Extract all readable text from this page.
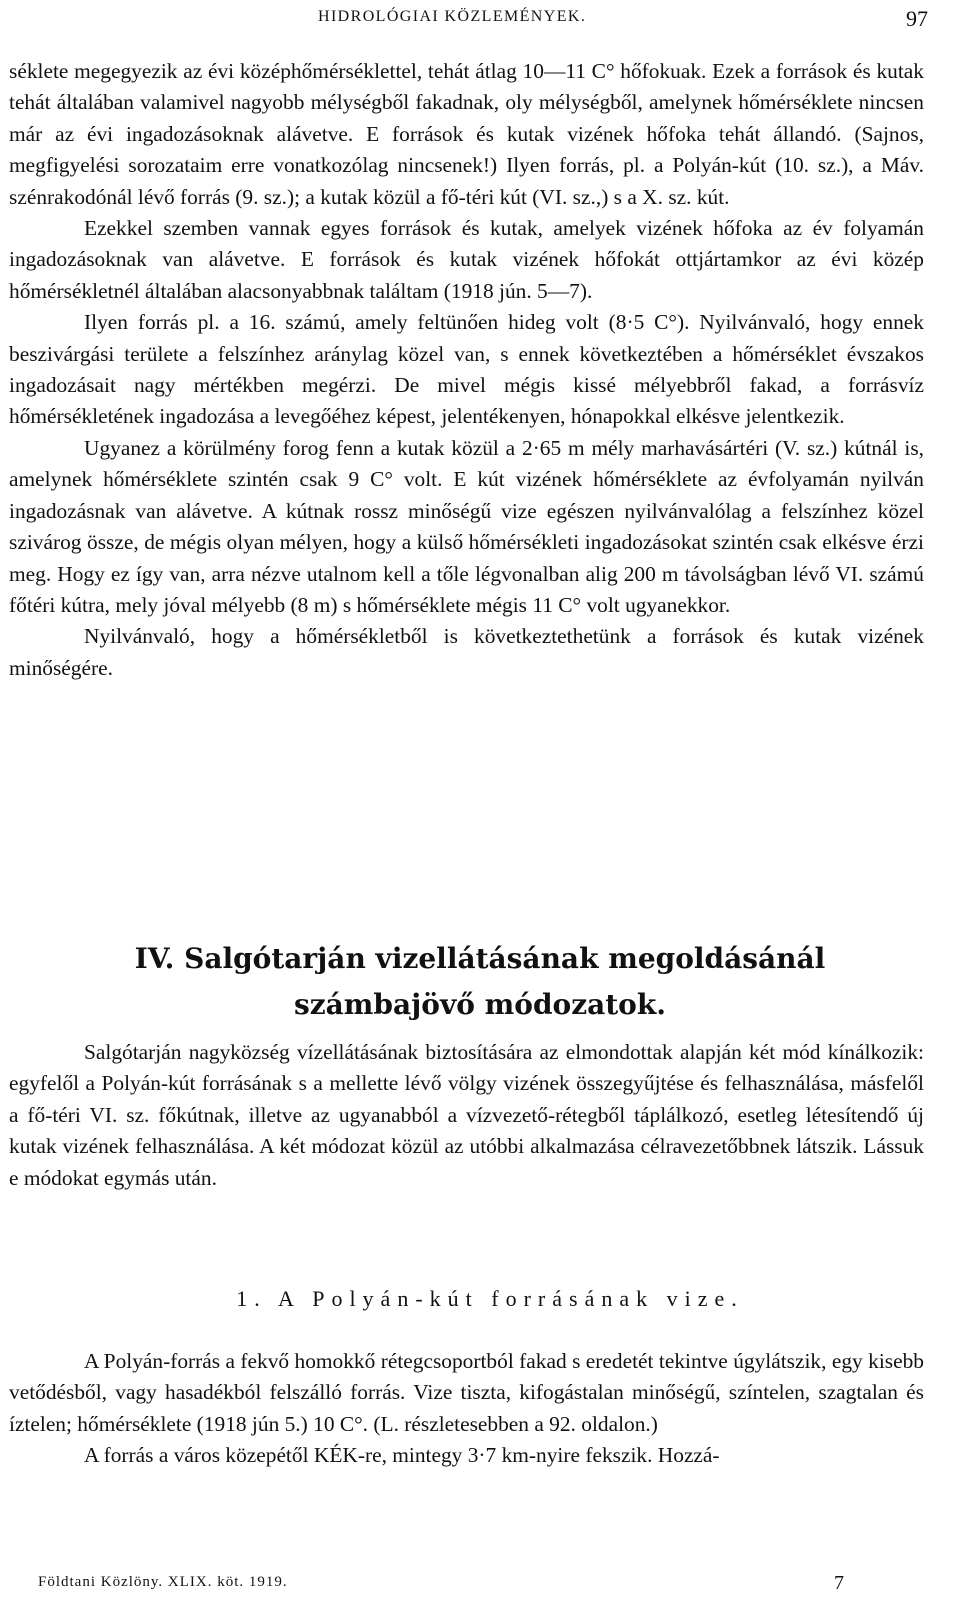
HIDROLÓGIAI KÖZLEMÉNYEK.	97

séklete megegyezik az évi középhőmérséklettel, tehát átlag 10—11 C° hőfokuak. Ezek a források és kutak tehát általában valamivel nagyobb mélységből fakadnak, oly mélységből, amelynek hőmérséklete nincsen már az évi ingadozásoknak alávetve. E források és kutak vizének hőfoka tehát állandó. (Sajnos, megfigyelési sorozataim erre vonatkozólag nincsenek!) Ilyen forrás, pl. a Polyán-kút (10. sz.), a Máv. szénrakodónál lévő forrás (9. sz.); a kutak közül a fő-téri kút (VI. sz.,) s a X. sz. kút.

Ezekkel szemben vannak egyes források és kutak, amelyek vizének hőfoka az év folyamán ingadozásoknak van alávetve. E források és kutak vizének hőfokát ottjártamkor az évi közép hőmérsékletnél általában alacsonyabbnak találtam (1918 jún. 5—7).

Ilyen forrás pl. a 16. számú, amely feltünően hideg volt (8·5 C°). Nyilvánvaló, hogy ennek beszivárgási területe a felszínhez aránylag közel van, s ennek következtében a hőmérséklet évszakos ingadozásait nagy mértékben megérzi. De mivel mégis kissé mélyebbről fakad, a forrásvíz hőmérsékletének ingadozása a levegőéhez képest, jelentékenyen, hónapokkal elkésve jelentkezik.

Ugyanez a körülmény forog fenn a kutak közül a 2·65 m mély marhavásártéri (V. sz.) kútnál is, amelynek hőmérséklete szintén csak 9 C° volt. E kút vizének hőmérséklete az évfolyamán nyilván ingadozásnak van alávetve. A kútnak rossz minőségű vize egészen nyilvánvalólag a felszínhez közel szivárog össze, de mégis olyan mélyen, hogy a külső hőmérsékleti ingadozásokat szintén csak elkésve érzi meg. Hogy ez így van, arra nézve utalnom kell a tőle légvonalban alig 200 m távolságban lévő VI. számú főtéri kútra, mely jóval mélyebb (8 m) s hőmérséklete mégis 11 C° volt ugyanekkor.

Nyilvánvaló, hogy a hőmérsékletből is következtethetünk a források és kutak vizének minőségére.

IV. Salgótarján vizellátásának megoldásánál
számbajövő módozatok.

Salgótarján nagyközség vízellátásának biztosítására az elmondottak alapján két mód kínálkozik: egyfelől a Polyán-kút forrásának s a mellette lévő völgy vizének összegyűjtése és felhasználása, másfelől a fő-téri VI. sz. főkútnak, illetve az ugyanabból a vízvezető-rétegből táplálkozó, esetleg létesítendő új kutak vizének felhasználása. A két módozat közül az utóbbi alkalmazása célravezetőbbnek látszik. Lássuk e módokat egymás után.

1. A Polyán-kút forrásának vize.

A Polyán-forrás a fekvő homokkő rétegcsoportból fakad s eredetét tekintve úgylátszik, egy kisebb vetődésből, vagy hasadékból felszálló forrás. Vize tiszta, kifogástalan minőségű, színtelen, szagtalan és íztelen; hőmérséklete (1918 jún 5.) 10 C°. (L. részletesebben a 92. oldalon.)

A forrás a város közepétől KÉK-re, mintegy 3·7 km-nyire fekszik. Hozzá-

Földtani Közlöny. XLIX. köt. 1919.	7
